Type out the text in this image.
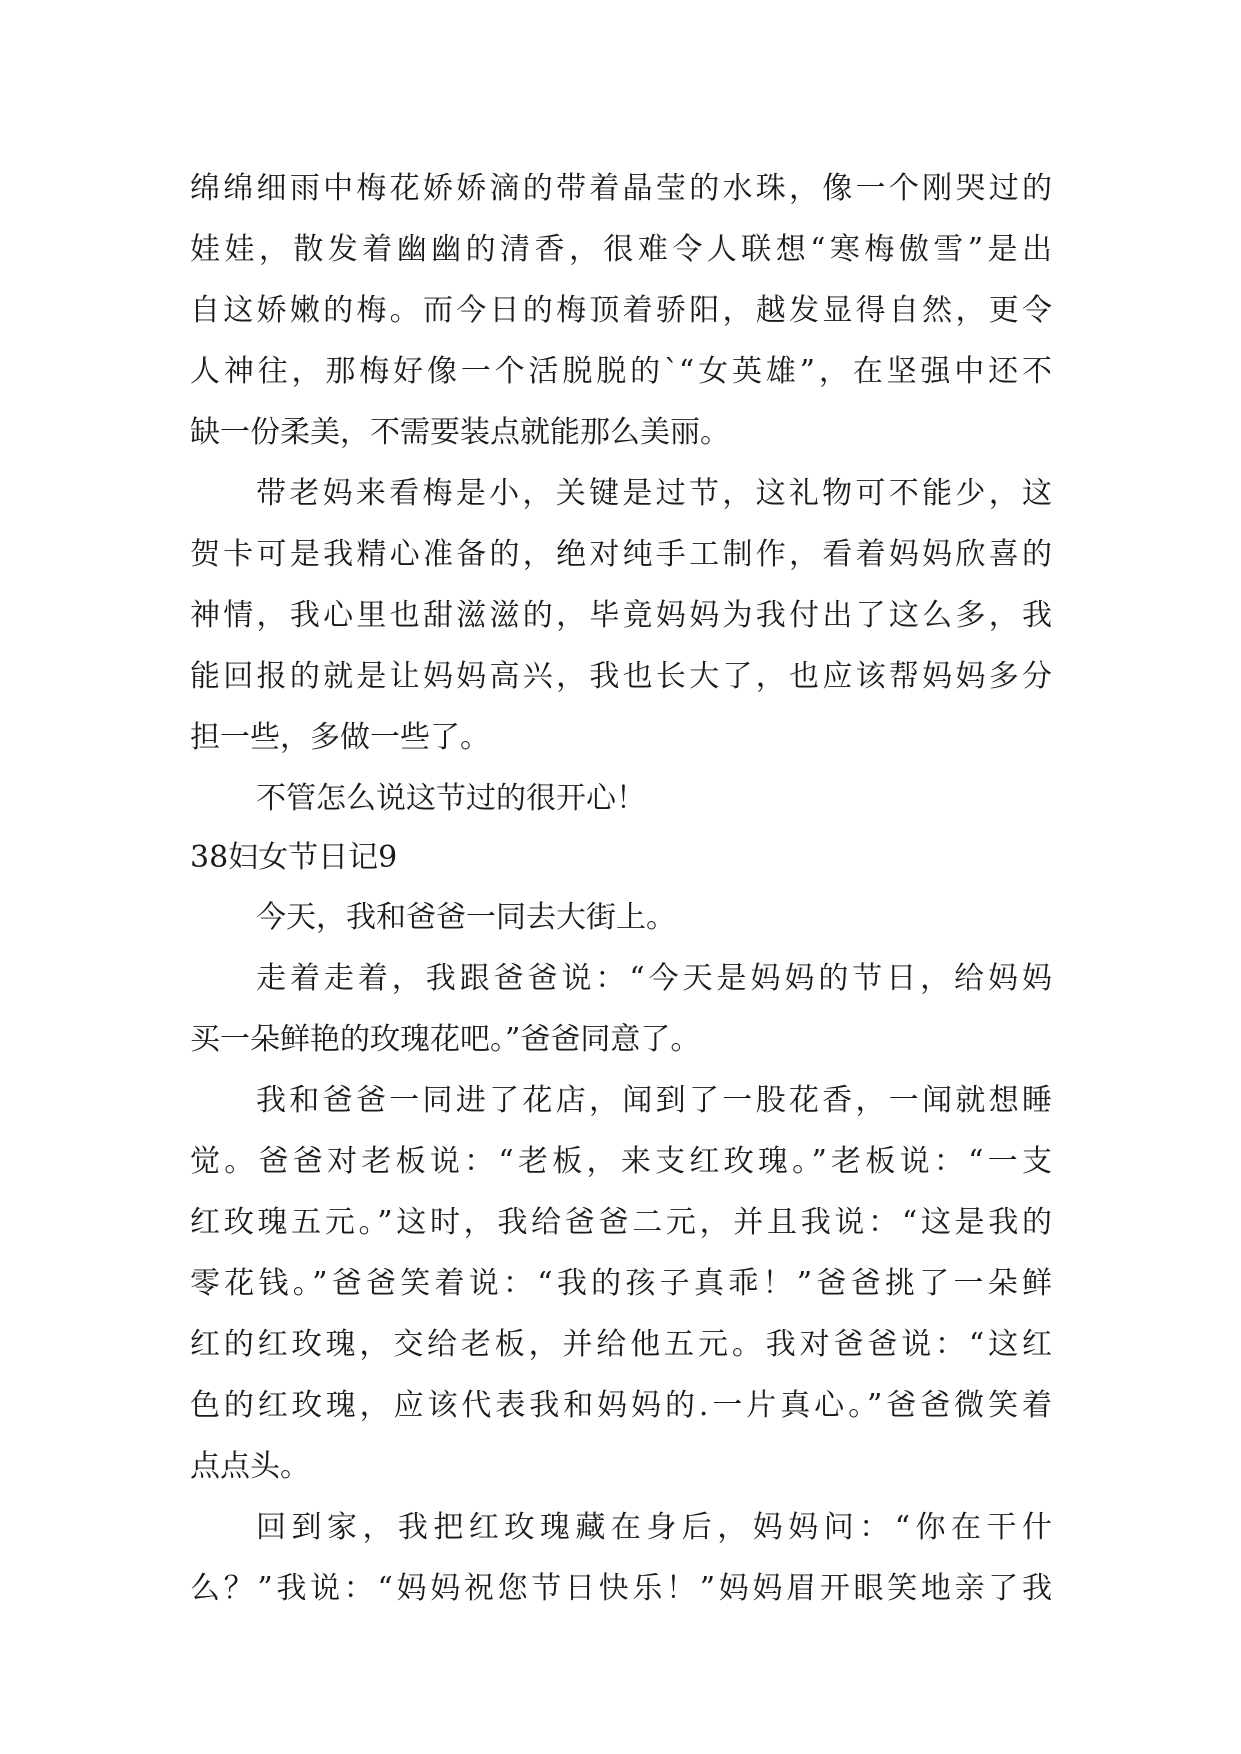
绵绵细雨中梅花娇娇滴的带着晶莹的水珠，像一个刚哭过的
娃娃，散发着幽幽的清香，很难令人联想“寒梅傲雪”是出
自这娇嫩的梅。而今日的梅顶着骄阳，越发显得自然，更令
人神往，那梅好像一个活脱脱的`“女英雄”，在坚强中还不
缺一份柔美，不需要装点就能那么美丽。
带老妈来看梅是小，关键是过节，这礼物可不能少，这
贺卡可是我精心准备的，绝对纯手工制作，看着妈妈欣喜的
神情，我心里也甜滋滋的，毕竟妈妈为我付出了这么多，我
能回报的就是让妈妈高兴，我也长大了，也应该帮妈妈多分
担一些，多做一些了。
不管怎么说这节过的很开心！
38妇女节日记9
今天，我和爸爸一同去大街上。
走着走着，我跟爸爸说：“今天是妈妈的节日，给妈妈
买一朵鲜艳的玫瑰花吧。”爸爸同意了。
我和爸爸一同进了花店，闻到了一股花香，一闻就想睡
觉。爸爸对老板说：“老板，来支红玫瑰。”老板说：“一支
红玫瑰五元。”这时，我给爸爸二元，并且我说：“这是我的
零花钱。”爸爸笑着说：“我的孩子真乖！”爸爸挑了一朵鲜
红的红玫瑰，交给老板，并给他五元。我对爸爸说：“这红
色的红玫瑰，应该代表我和妈妈的.一片真心。”爸爸微笑着
点点头。
回到家，我把红玫瑰藏在身后，妈妈问：“你在干什
么？”我说：“妈妈祝您节日快乐！”妈妈眉开眼笑地亲了我
